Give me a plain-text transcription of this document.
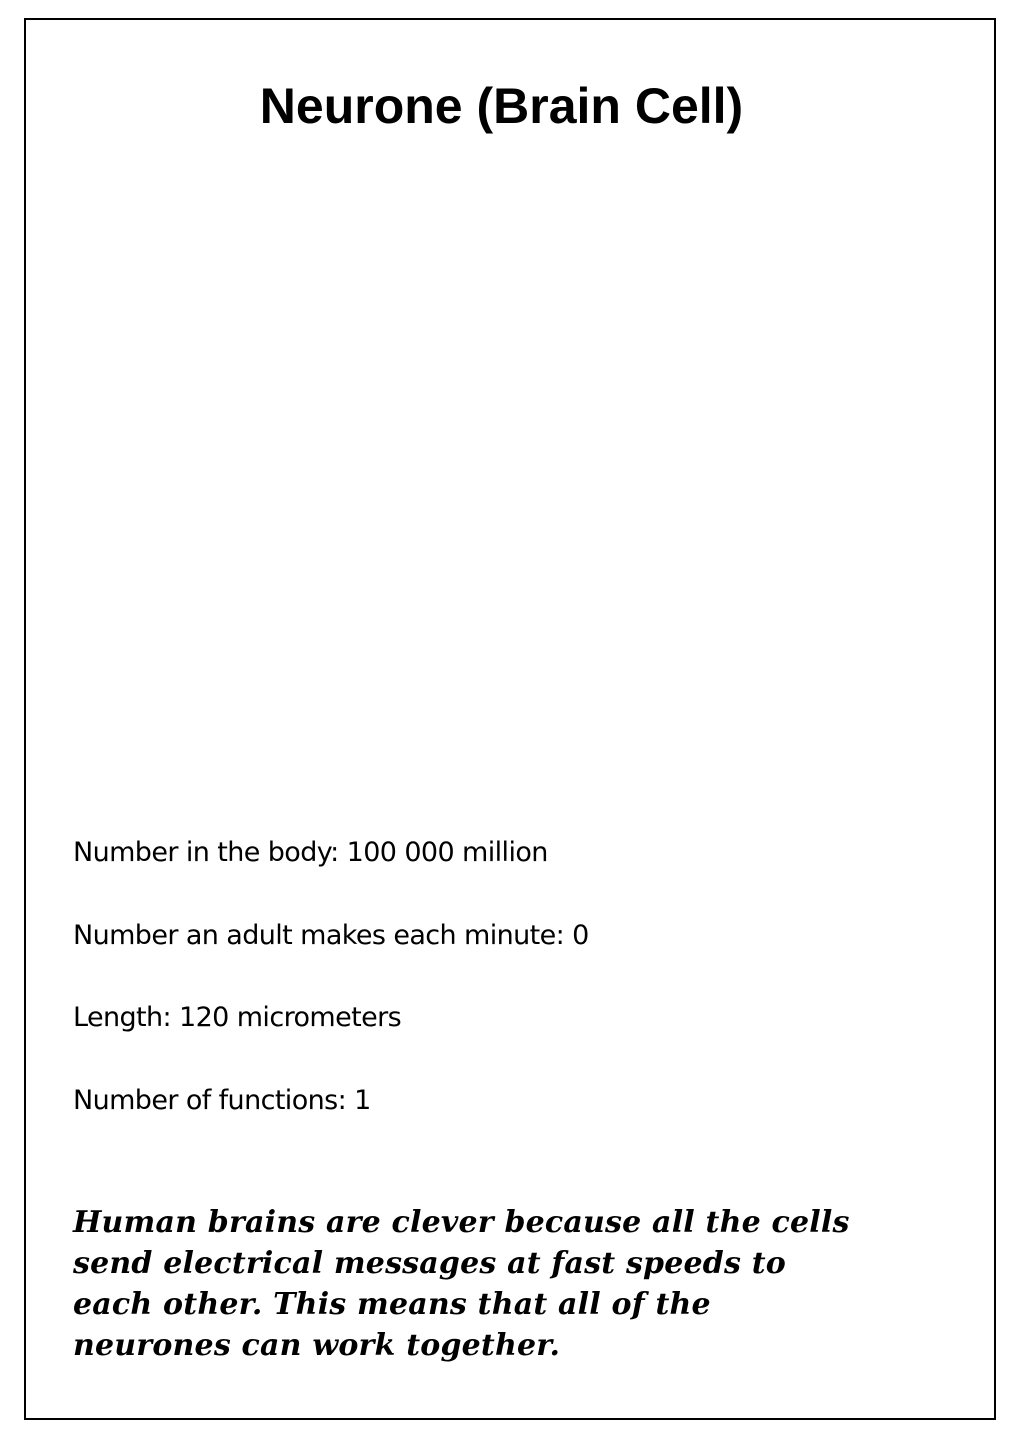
Neurone (Brain Cell)

Number in the body: 100 000 million

Number an adult makes each minute: 0

Length: 120 micrometers

Number of functions: 1

Human brains are clever because all the cells
send electrical messages at fast speeds to
each other. This means that all of the
neurones can work together.
